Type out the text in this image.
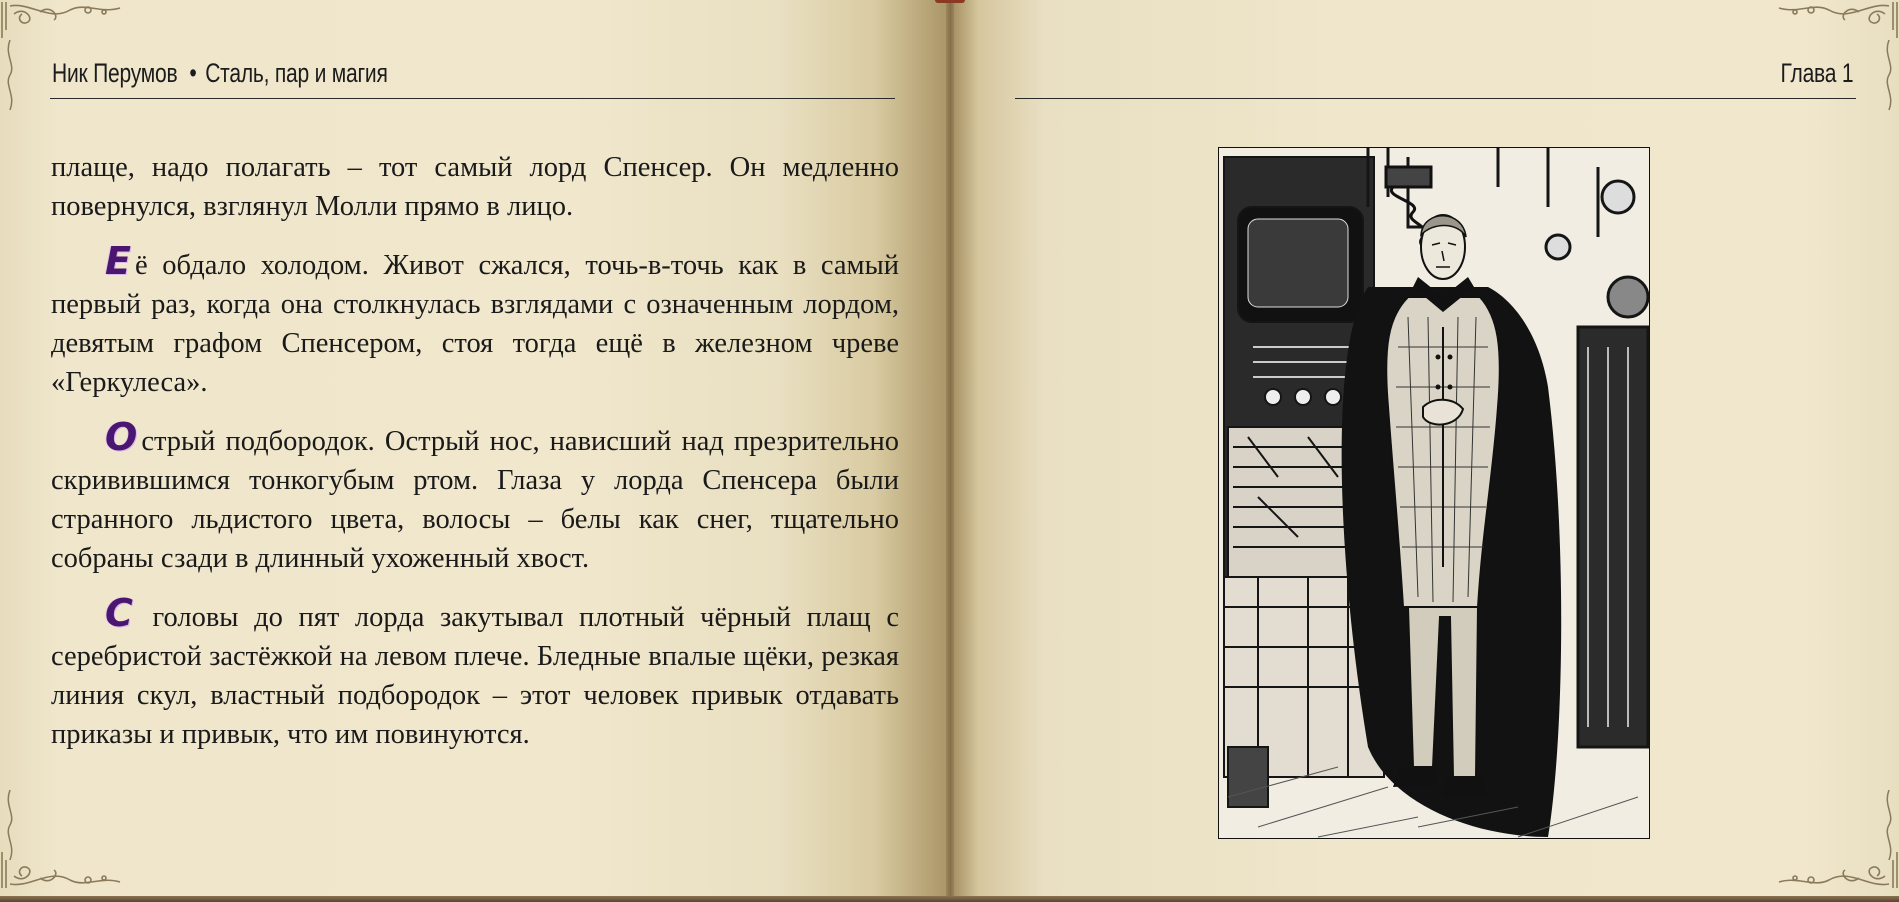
Ник Перумов • Сталь, пар и магия

плаще, надо полагать – тот самый лорд Спенсер. Он медленно повернулся, взглянул Молли прямо в лицо.

Е ё обдало холодом. Живот сжался, точь-в-точь как в самый первый раз, когда она столкнулась взглядами с означенным лордом, девятым графом Спенсером, стоя тогда ещё в железном чреве «Геркулеса».

О стрый подбородок. Острый нос, нависший над презрительно скривившимся тонкогубым ртом. Глаза у лорда Спенсера были странного льдистого цвета, волосы – белы как снег, тщательно собраны сзади в длинный ухоженный хвост.

С головы до пят лорда закутывал плотный чёрный плащ с серебристой застёжкой на левом плече. Бледные впалые щёки, резкая линия скул, властный подбородок – этот человек привык отдавать приказы и привык, что им повинуются.

Глава 1
